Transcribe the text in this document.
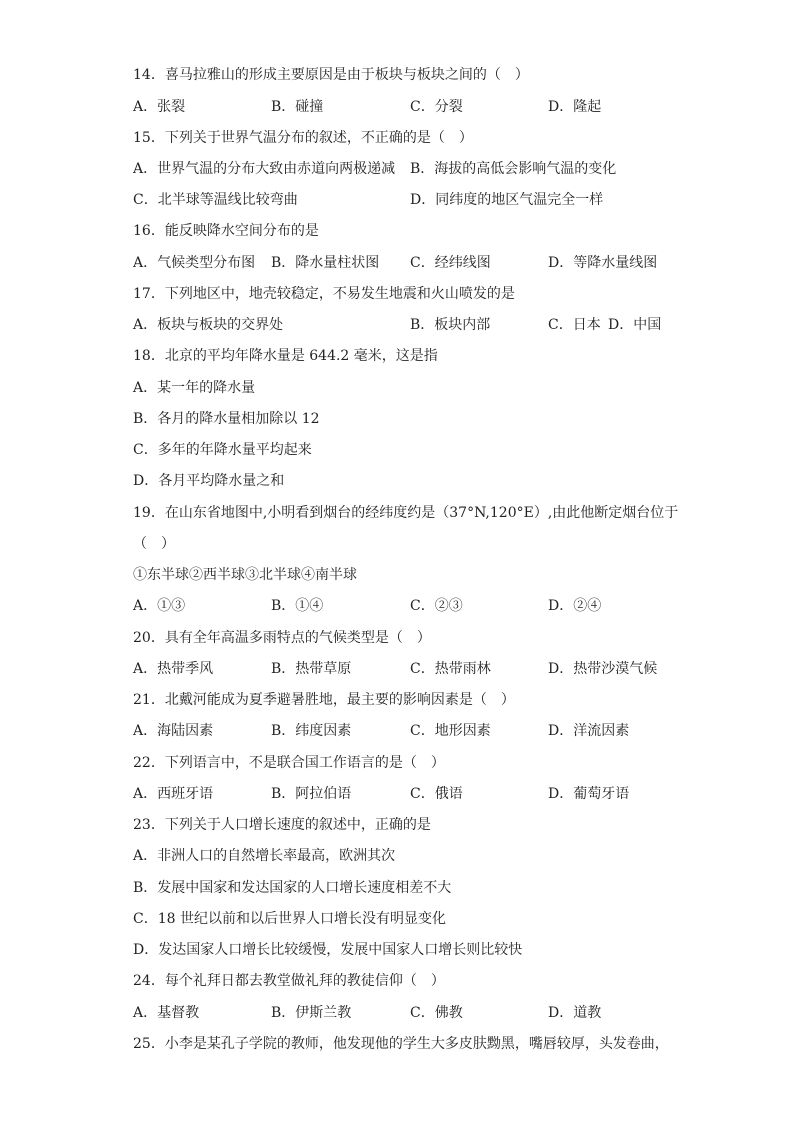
14．喜马拉雅山的形成主要原因是由于板块与板块之间的（　）
A．张裂	B．碰撞	C．分裂	D．隆起
15．下列关于世界气温分布的叙述，不正确的是（　）
A．世界气温的分布大致由赤道向两极递减 B．海拔的高低会影响气温的变化
C．北半球等温线比较弯曲	D．同纬度的地区气温完全一样
16．能反映降水空间分布的是
A．气候类型分布图 B．降水量柱状图 C．经纬线图	D．等降水量线图
17．下列地区中，地壳较稳定，不易发生地震和火山喷发的是
A．板块与板块的交界处	B．板块内部	C．日本 D．中国
18．北京的平均年降水量是 644.2 毫米，这是指
A．某一年的降水量
B．各月的降水量相加除以 12
C．多年的年降水量平均起来
D．各月平均降水量之和
19．在山东省地图中,小明看到烟台的经纬度约是（37°N,120°E）,由此他断定烟台位于
（　）
①东半球②西半球③北半球④南半球
A．①③	B．①④	C．②③	D．②④
20．具有全年高温多雨特点的气候类型是（　）
A．热带季风	B．热带草原	C．热带雨林	D．热带沙漠气候
21．北戴河能成为夏季避暑胜地，最主要的影响因素是（　）
A．海陆因素	B．纬度因素	C．地形因素	D．洋流因素
22．下列语言中，不是联合国工作语言的是（　）
A．西班牙语	B．阿拉伯语	C．俄语	D．葡萄牙语
23．下列关于人口增长速度的叙述中，正确的是
A．非洲人口的自然增长率最高，欧洲其次
B．发展中国家和发达国家的人口增长速度相差不大
C．18 世纪以前和以后世界人口增长没有明显变化
D．发达国家人口增长比较缓慢，发展中国家人口增长则比较快
24．每个礼拜日都去教堂做礼拜的教徒信仰（　）
A．基督教	B．伊斯兰教	C．佛教	D．道教
25．小李是某孔子学院的教师，他发现他的学生大多皮肤黝黑，嘴唇较厚，头发卷曲，
